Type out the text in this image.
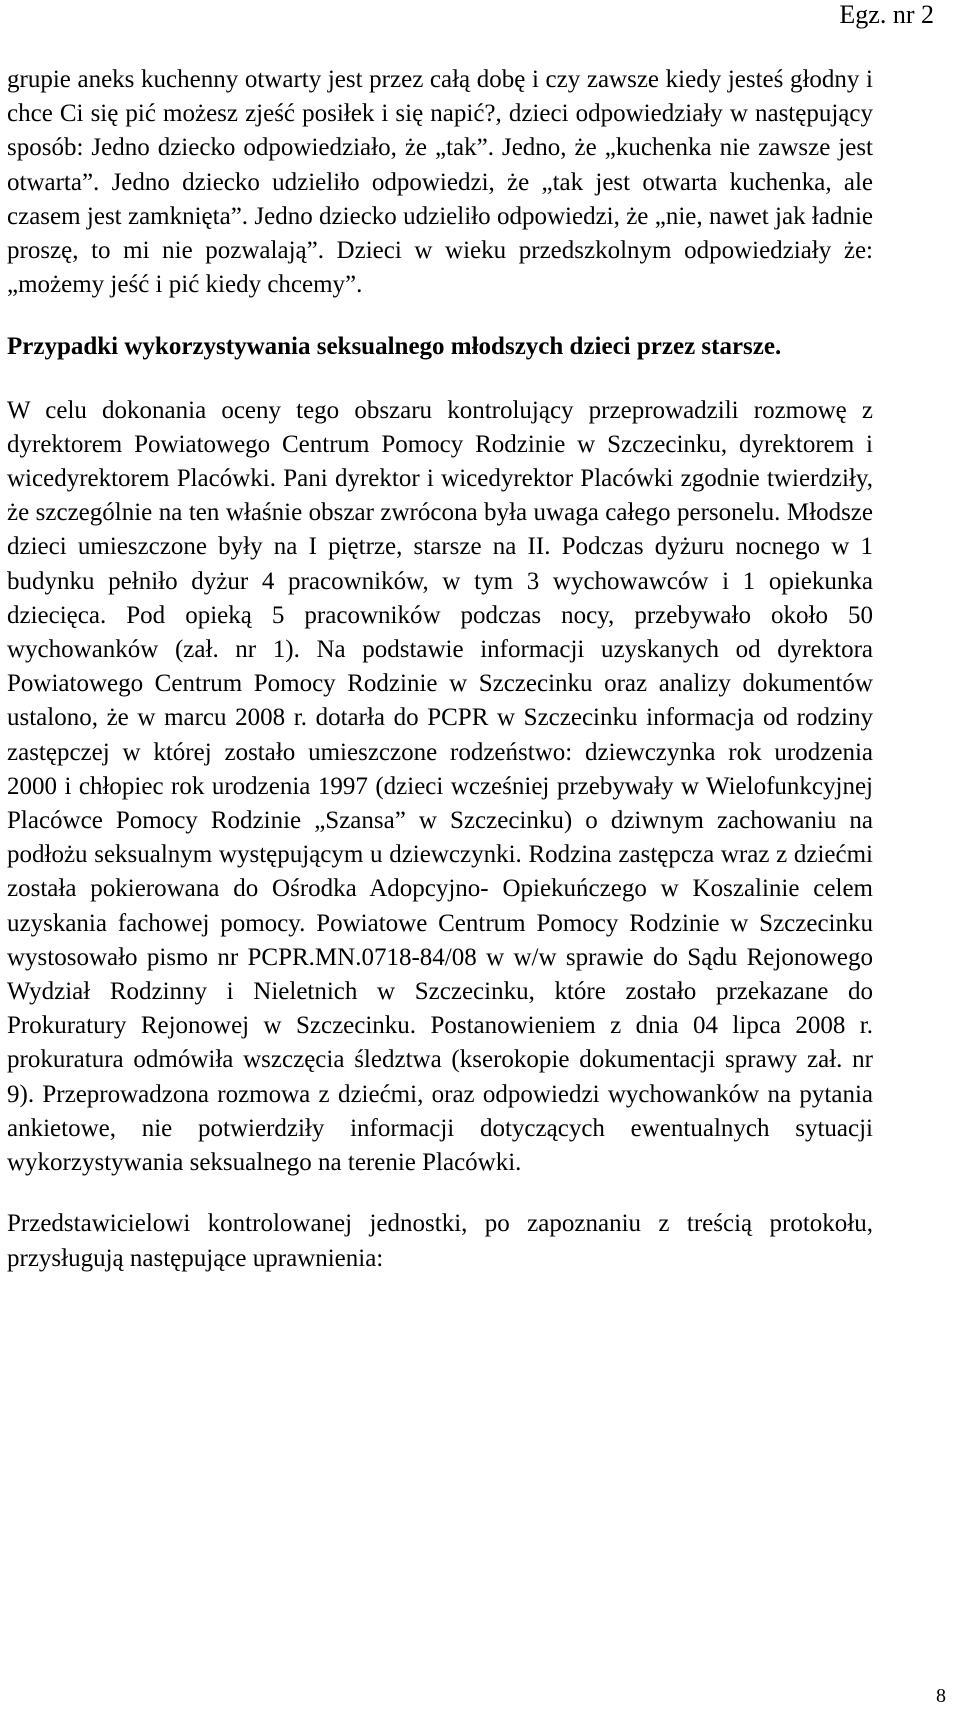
Egz. nr 2

grupie aneks kuchenny otwarty jest przez całą dobę i czy zawsze kiedy jesteś głodny i chce Ci się pić możesz zjeść posiłek i się napić?, dzieci odpowiedziały w następujący sposób: Jedno dziecko odpowiedziało, że „tak”. Jedno, że „kuchenka nie zawsze jest otwarta”. Jedno dziecko udzieliło odpowiedzi, że „tak jest otwarta kuchenka, ale czasem jest zamknięta”. Jedno dziecko udzieliło odpowiedzi, że „nie, nawet jak ładnie proszę, to mi nie pozwalają”. Dzieci w wieku przedszkolnym odpowiedziały że: „możemy jeść i pić kiedy chcemy”.

Przypadki wykorzystywania seksualnego młodszych dzieci przez starsze.

W celu dokonania oceny tego obszaru kontrolujący przeprowadzili rozmowę z dyrektorem Powiatowego Centrum Pomocy Rodzinie w Szczecinku, dyrektorem i wicedyrektorem Placówki. Pani dyrektor i wicedyrektor Placówki zgodnie twierdziły, że szczególnie na ten właśnie obszar zwrócona była uwaga całego personelu. Młodsze dzieci umieszczone były na I piętrze, starsze na II. Podczas dyżuru nocnego w 1 budynku pełniło dyżur 4 pracowników, w tym 3 wychowawców i 1 opiekunka dziecięca. Pod opieką 5 pracowników podczas nocy, przebywało około 50 wychowanków (zał. nr 1). Na podstawie informacji uzyskanych od dyrektora Powiatowego Centrum Pomocy Rodzinie w Szczecinku oraz analizy dokumentów ustalono, że w marcu 2008 r. dotarła do PCPR w Szczecinku informacja od rodziny zastępczej w której zostało umieszczone rodzeństwo: dziewczynka rok urodzenia 2000 i chłopiec rok urodzenia 1997 (dzieci wcześniej przebywały w Wielofunkcyjnej Placówce Pomocy Rodzinie „Szansa” w Szczecinku) o dziwnym zachowaniu na podłożu seksualnym występującym u dziewczynki. Rodzina zastępcza wraz z dziećmi została pokierowana do Ośrodka Adopcyjno- Opiekuńczego w Koszalinie celem uzyskania fachowej pomocy. Powiatowe Centrum Pomocy Rodzinie w Szczecinku wystosowało pismo nr PCPR.MN.0718-84/08 w w/w sprawie do Sądu Rejonowego Wydział Rodzinny i Nieletnich w Szczecinku, które zostało przekazane do Prokuratury Rejonowej w Szczecinku. Postanowieniem z dnia 04 lipca 2008 r. prokuratura odmówiła wszczęcia śledztwa (kserokopie dokumentacji sprawy zał. nr 9). Przeprowadzona rozmowa z dziećmi, oraz odpowiedzi wychowanków na pytania ankietowe, nie potwierdziły informacji dotyczących ewentualnych sytuacji wykorzystywania seksualnego na terenie Placówki.

Przedstawicielowi kontrolowanej jednostki, po zapoznaniu z treścią protokołu, przysługują następujące uprawnienia:

8
